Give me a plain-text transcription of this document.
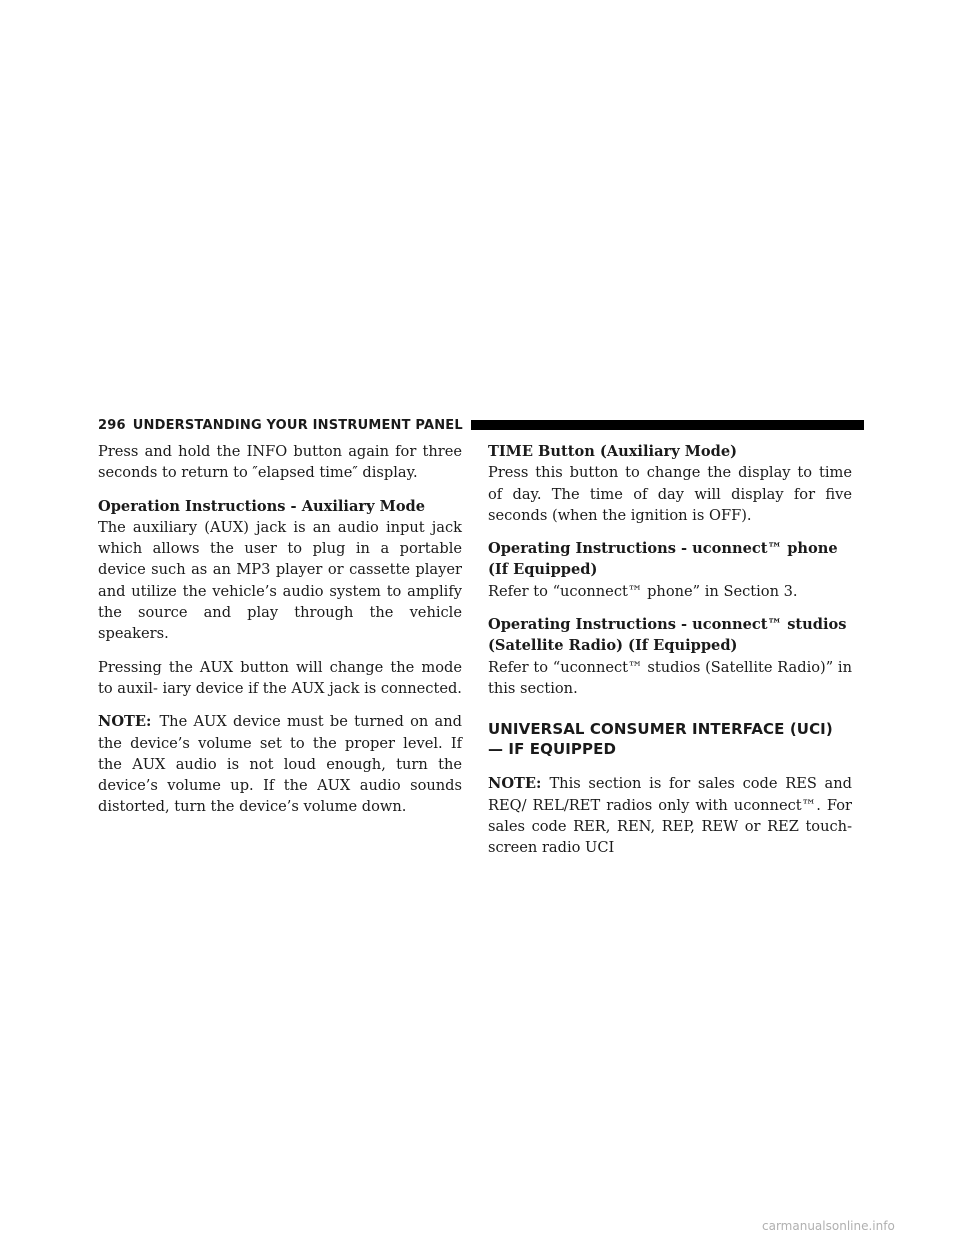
296 UNDERSTANDING YOUR INSTRUMENT PANEL

Press and hold the INFO button again for three seconds to return to ″elapsed time″ display.

Operation Instructions - Auxiliary Mode

The auxiliary (AUX) jack is an audio input jack which allows the user to plug in a portable device such as an MP3 player or cassette player and utilize the vehicle’s audio system to amplify the source and play through the vehicle speakers.

Pressing the AUX button will change the mode to auxil- iary device if the AUX jack is connected.

NOTE: The AUX device must be turned on and the device’s volume set to the proper level. If the AUX audio is not loud enough, turn the device’s volume up. If the AUX audio sounds distorted, turn the device’s volume down.

TIME Button (Auxiliary Mode)

Press this button to change the display to time of day. The time of day will display for five seconds (when the ignition is OFF).

Operating Instructions - uconnect™ phone (If Equipped)

Refer to “uconnect™ phone” in Section 3.

Operating Instructions - uconnect™ studios (Satellite Radio) (If Equipped)

Refer to “uconnect™ studios (Satellite Radio)” in this section.

UNIVERSAL CONSUMER INTERFACE (UCI) — IF EQUIPPED

NOTE: This section is for sales code RES and REQ/ REL/RET radios only with uconnect™. For sales code RER, REN, REP, REW or REZ touch-screen radio UCI

carmanualsonline.info
